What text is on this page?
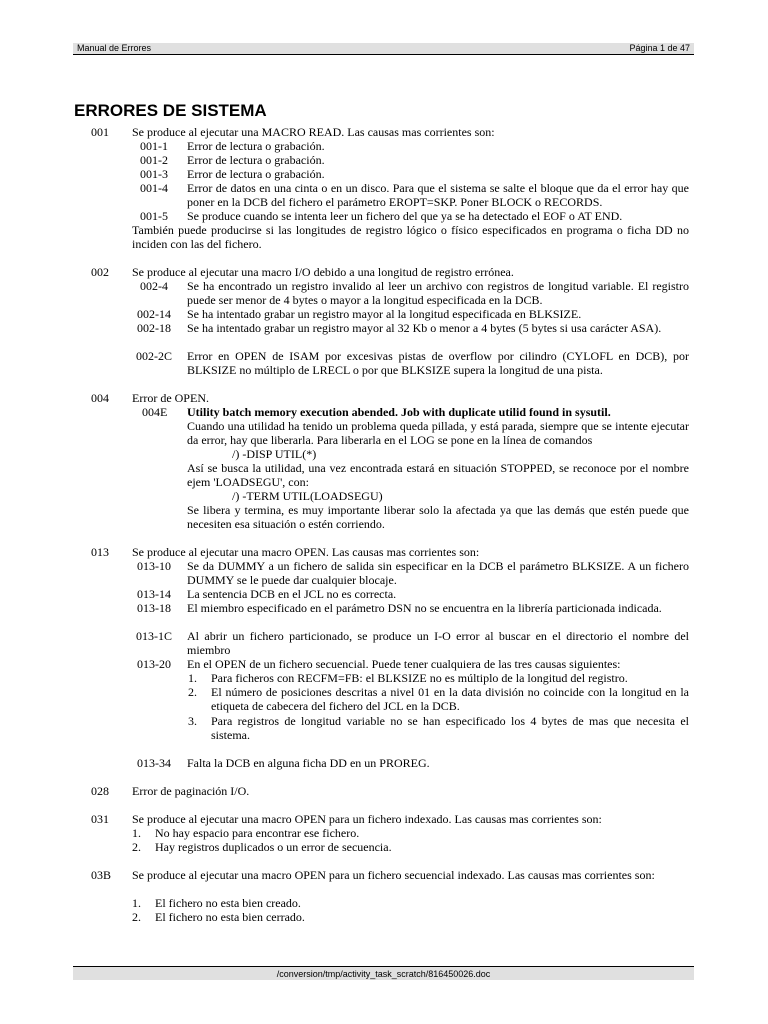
Manual de Errores	Página 1 de 47
ERRORES DE SISTEMA
001 Se produce al ejecutar una MACRO READ. Las causas mas corrientes son:
001-1 Error de lectura o grabación.
001-2 Error de lectura o grabación.
001-3 Error de lectura o grabación.
001-4 Error de datos en una cinta o en un disco. Para que el sistema se salte el bloque que da el error hay que poner en la DCB del fichero el parámetro EROPT=SKP. Poner BLOCK o RECORDS.
001-5 Se produce cuando se intenta leer un fichero del que ya se ha detectado el EOF o AT END.
También puede producirse si las longitudes de registro lógico o físico especificados en programa o ficha DD no inciden con las del fichero.
002 Se produce al ejecutar una macro I/O debido a una longitud de registro errónea.
002-4 Se ha encontrado un registro invalido al leer un archivo con registros de longitud variable. El registro puede ser menor de 4 bytes o mayor a la longitud especificada en la DCB.
002-14 Se ha intentado grabar un registro mayor al la longitud especificada en BLKSIZE.
002-18 Se ha intentado grabar un registro mayor al 32 Kb o menor a 4 bytes (5 bytes si usa carácter ASA).
002-2C Error en OPEN de ISAM por excesivas pistas de overflow por cilindro (CYLOFL en DCB), por BLKSIZE no múltiplo de LRECL o por que BLKSIZE supera la longitud de una pista.
004 Error de OPEN.
004E Utility batch memory execution abended. Job with duplicate utilid found in sysutil.
Cuando una utilidad ha tenido un problema queda pillada, y está parada, siempre que se intente ejecutar da error, hay que liberarla. Para liberarla en el LOG se pone en la línea de comandos
/) -DISP UTIL(*)
Así se busca la utilidad, una vez encontrada estará en situación STOPPED, se reconoce por el nombre ejem 'LOADSEGU', con:
/) -TERM UTIL(LOADSEGU)
Se libera y termina, es muy importante liberar solo la afectada ya que las demás que estén puede que necesiten esa situación o estén corriendo.
013 Se produce al ejecutar una macro OPEN. Las causas mas corrientes son:
013-10 Se da DUMMY a un fichero de salida sin especificar en la DCB el parámetro BLKSIZE. A un fichero DUMMY se le puede dar cualquier blocaje.
013-14 La sentencia DCB en el JCL no es correcta.
013-18 El miembro especificado en el parámetro DSN no se encuentra en la librería particionada indicada.
013-1C Al abrir un fichero particionado, se produce un I-O error al buscar en el directorio el nombre del miembro
013-20 En el OPEN de un fichero secuencial. Puede tener cualquiera de las tres causas siguientes:
1. Para ficheros con RECFM=FB: el BLKSIZE no es múltiplo de la longitud del registro.
2. El número de posiciones descritas a nivel 01 en la data división no coincide con la longitud en la etiqueta de cabecera del fichero del JCL en la DCB.
3. Para registros de longitud variable no se han especificado los 4 bytes de mas que necesita el sistema.
013-34 Falta la DCB en alguna ficha DD en un PROREG.
028 Error de paginación I/O.
031 Se produce al ejecutar una macro OPEN para un fichero indexado. Las causas mas corrientes son:
1. No hay espacio para encontrar ese fichero.
2. Hay registros duplicados o un error de secuencia.
03B Se produce al ejecutar una macro OPEN para un fichero secuencial indexado. Las causas mas corrientes son:
1. El fichero no esta bien creado.
2. El fichero no esta bien cerrado.
/conversion/tmp/activity_task_scratch/816450026.doc
